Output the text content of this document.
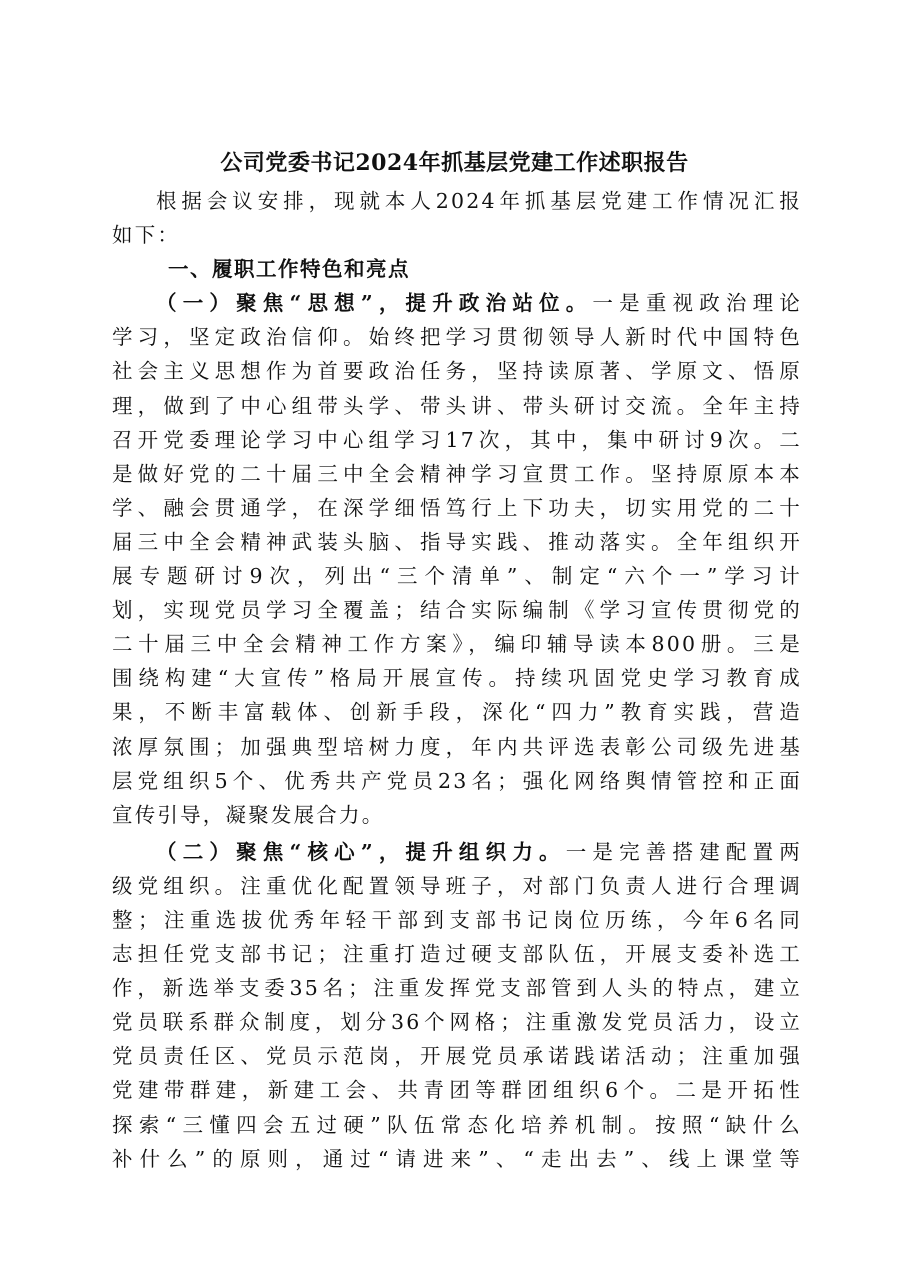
公司党委书记2024年抓基层党建工作述职报告
根据会议安排，现就本人2024年抓基层党建工作情况汇报
如下：
一、履职工作特色和亮点
（一）聚焦“思想”，提升政治站位。一是重视政治理论
学习，坚定政治信仰。始终把学习贯彻领导人新时代中国特色
社会主义思想作为首要政治任务，坚持读原著、学原文、悟原
理，做到了中心组带头学、带头讲、带头研讨交流。全年主持
召开党委理论学习中心组学习17次，其中，集中研讨9次。二
是做好党的二十届三中全会精神学习宣贯工作。坚持原原本本
学、融会贯通学，在深学细悟笃行上下功夫，切实用党的二十
届三中全会精神武装头脑、指导实践、推动落实。全年组织开
展专题研讨9次，列出“三个清单”、制定“六个一”学习计
划，实现党员学习全覆盖；结合实际编制《学习宣传贯彻党的
二十届三中全会精神工作方案》，编印辅导读本800册。三是
围绕构建“大宣传”格局开展宣传。持续巩固党史学习教育成
果，不断丰富载体、创新手段，深化“四力”教育实践，营造
浓厚氛围；加强典型培树力度，年内共评选表彰公司级先进基
层党组织5个、优秀共产党员23名；强化网络舆情管控和正面
宣传引导，凝聚发展合力。
（二）聚焦“核心”，提升组织力。一是完善搭建配置两
级党组织。注重优化配置领导班子，对部门负责人进行合理调
整；注重选拔优秀年轻干部到支部书记岗位历练，今年6名同
志担任党支部书记；注重打造过硬支部队伍，开展支委补选工
作，新选举支委35名；注重发挥党支部管到人头的特点，建立
党员联系群众制度，划分36个网格；注重激发党员活力，设立
党员责任区、党员示范岗，开展党员承诺践诺活动；注重加强
党建带群建，新建工会、共青团等群团组织6个。二是开拓性
探索“三懂四会五过硬”队伍常态化培养机制。按照“缺什么
补什么”的原则，通过“请进来”、“走出去”、线上课堂等
